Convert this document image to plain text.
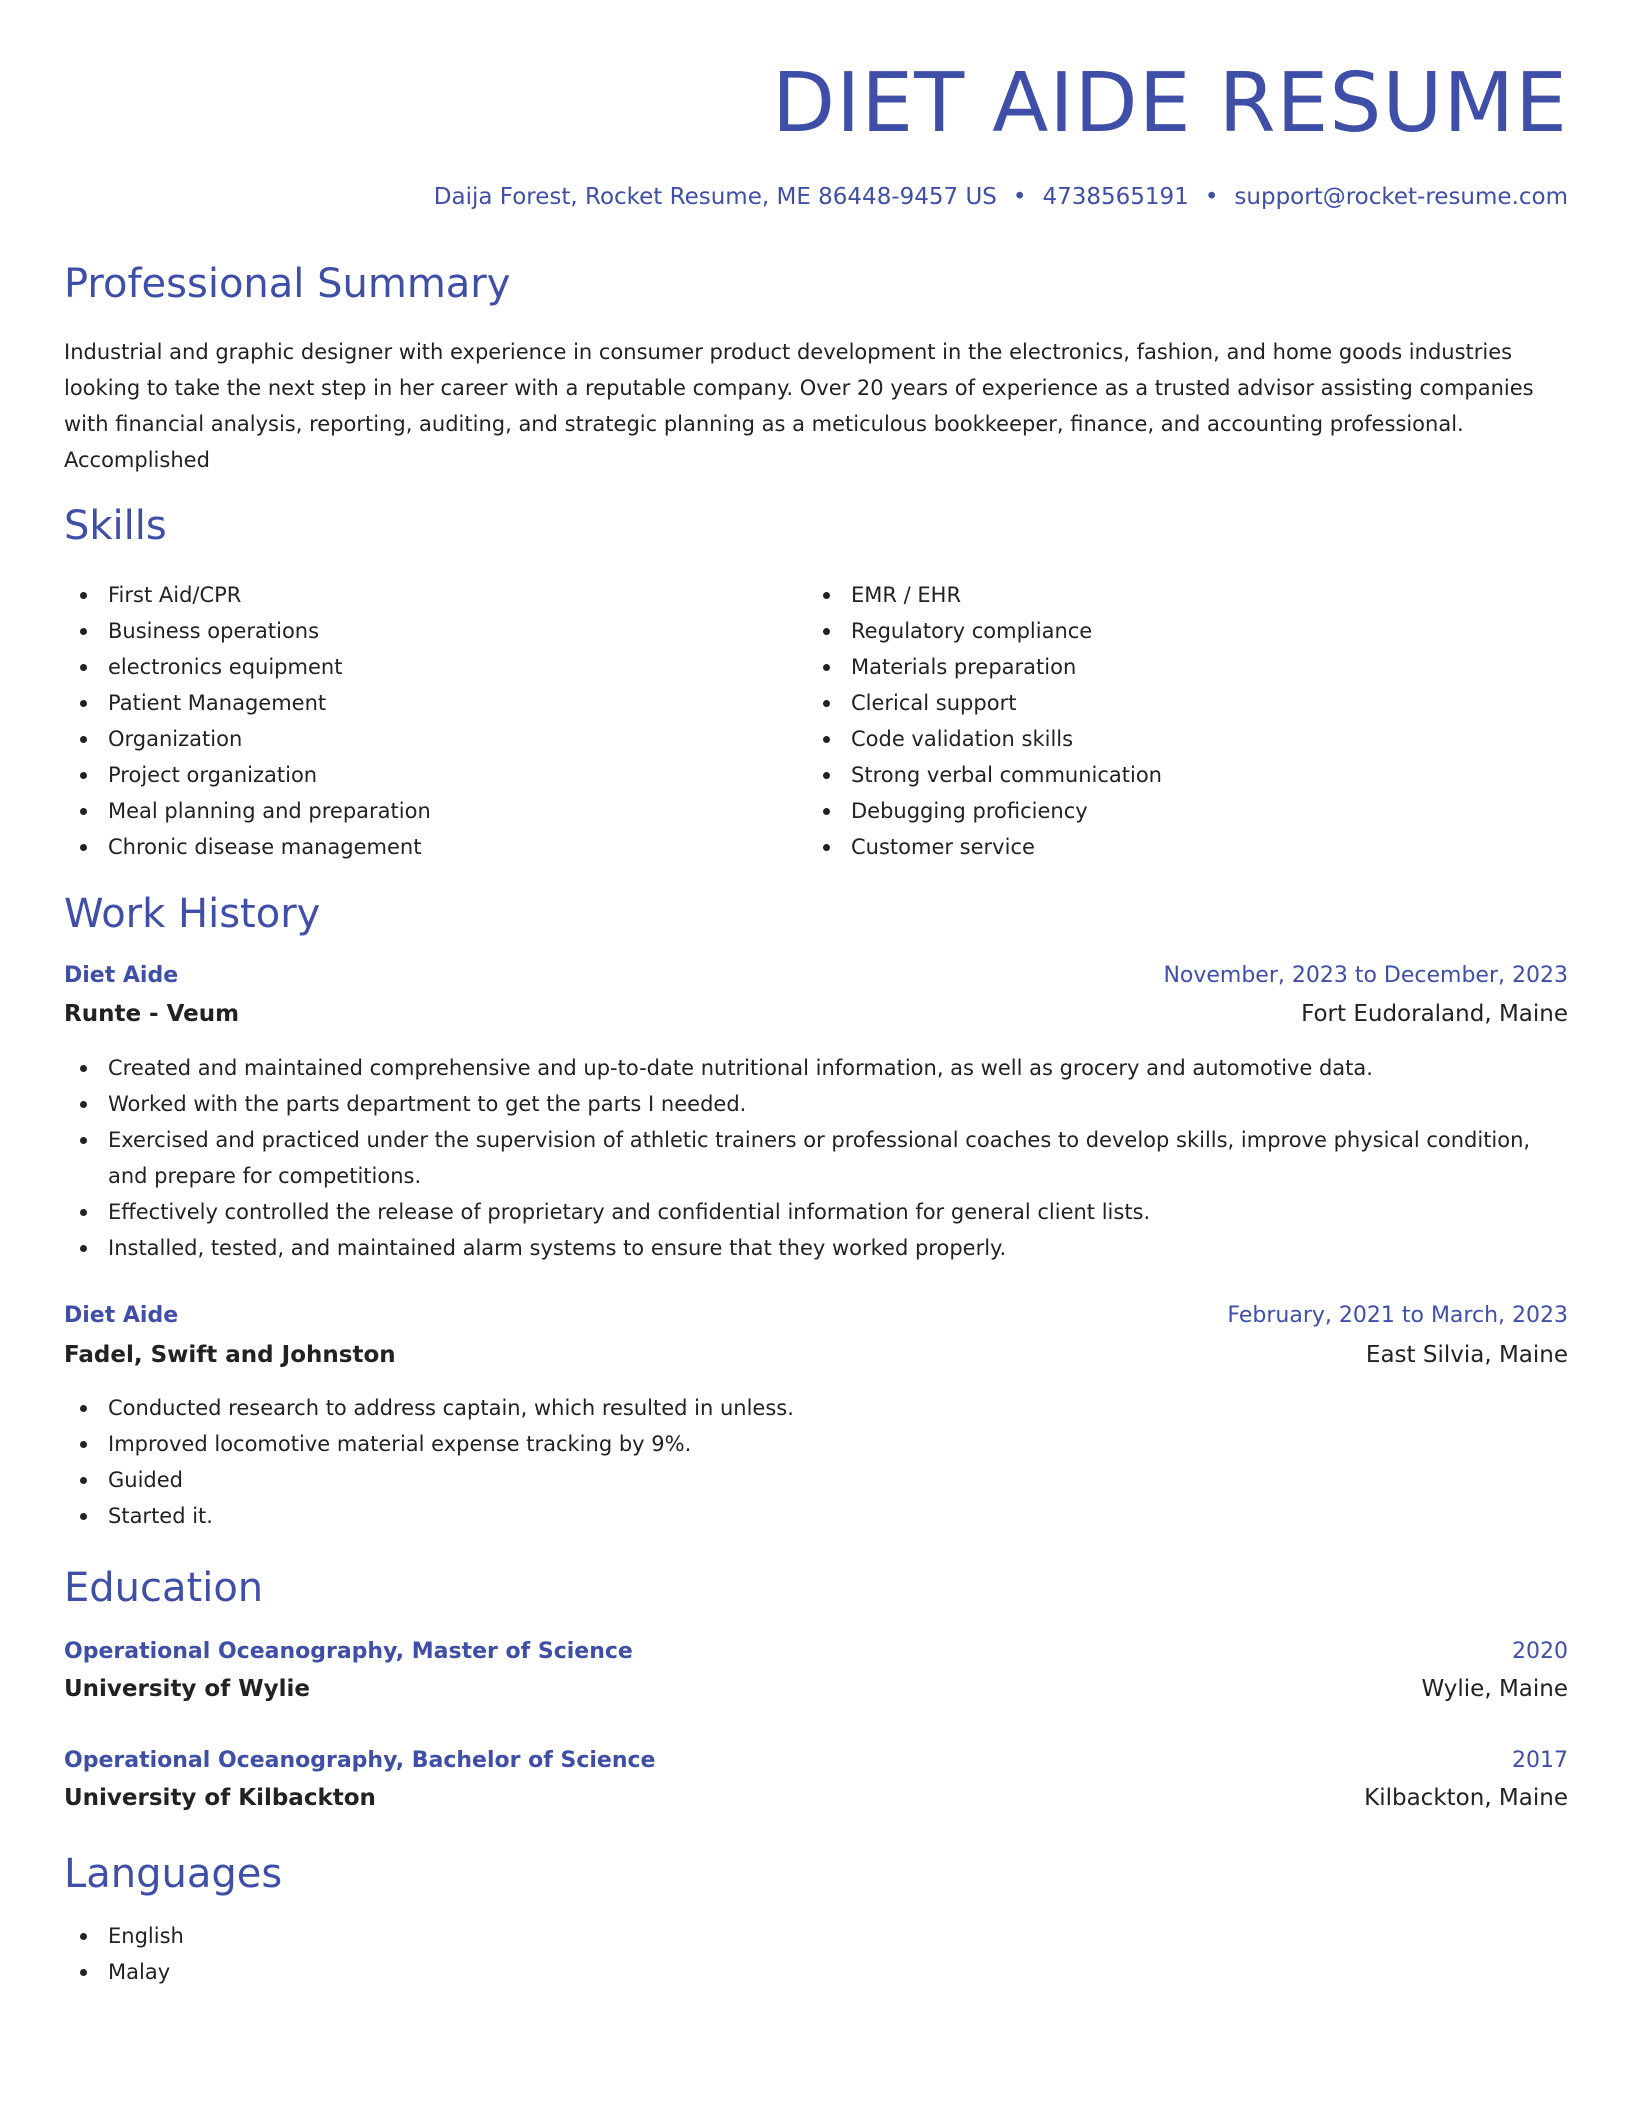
DIET AIDE RESUME
Daija Forest, Rocket Resume, ME 86448-9457 US • 4738565191 • support@rocket-resume.com
Professional Summary
Industrial and graphic designer with experience in consumer product development in the electronics, fashion, and home goods industries looking to take the next step in her career with a reputable company. Over 20 years of experience as a trusted advisor assisting companies with financial analysis, reporting, auditing, and strategic planning as a meticulous bookkeeper, finance, and accounting professional. Accomplished
Skills
First Aid/CPR
Business operations
electronics equipment
Patient Management
Organization
Project organization
Meal planning and preparation
Chronic disease management
EMR / EHR
Regulatory compliance
Materials preparation
Clerical support
Code validation skills
Strong verbal communication
Debugging proficiency
Customer service
Work History
Diet Aide	November, 2023 to December, 2023
Runte - Veum	Fort Eudoraland, Maine
Created and maintained comprehensive and up-to-date nutritional information, as well as grocery and automotive data.
Worked with the parts department to get the parts I needed.
Exercised and practiced under the supervision of athletic trainers or professional coaches to develop skills, improve physical condition, and prepare for competitions.
Effectively controlled the release of proprietary and confidential information for general client lists.
Installed, tested, and maintained alarm systems to ensure that they worked properly.
Diet Aide	February, 2021 to March, 2023
Fadel, Swift and Johnston	East Silvia, Maine
Conducted research to address captain, which resulted in unless.
Improved locomotive material expense tracking by 9%.
Guided
Started it.
Education
Operational Oceanography, Master of Science	2020
University of Wylie	Wylie, Maine
Operational Oceanography, Bachelor of Science	2017
University of Kilbackton	Kilbackton, Maine
Languages
English
Malay
